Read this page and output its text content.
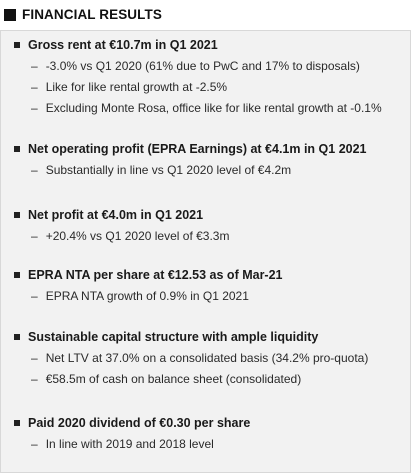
FINANCIAL RESULTS
Gross rent at €10.7m in Q1 2021
– -3.0% vs Q1 2020 (61% due to PwC and 17% to disposals)
– Like for like rental growth at -2.5%
– Excluding Monte Rosa, office like for like rental growth at -0.1%
Net operating profit (EPRA Earnings) at €4.1m in Q1 2021
– Substantially in line vs Q1 2020 level of €4.2m
Net profit at €4.0m in Q1 2021
– +20.4% vs Q1 2020 level of €3.3m
EPRA NTA per share at €12.53 as of Mar-21
– EPRA NTA growth of 0.9% in Q1 2021
Sustainable capital structure with ample liquidity
– Net LTV at 37.0% on a consolidated basis (34.2% pro-quota)
– €58.5m of cash on balance sheet (consolidated)
Paid 2020 dividend of €0.30 per share
– In line with 2019 and 2018 level
